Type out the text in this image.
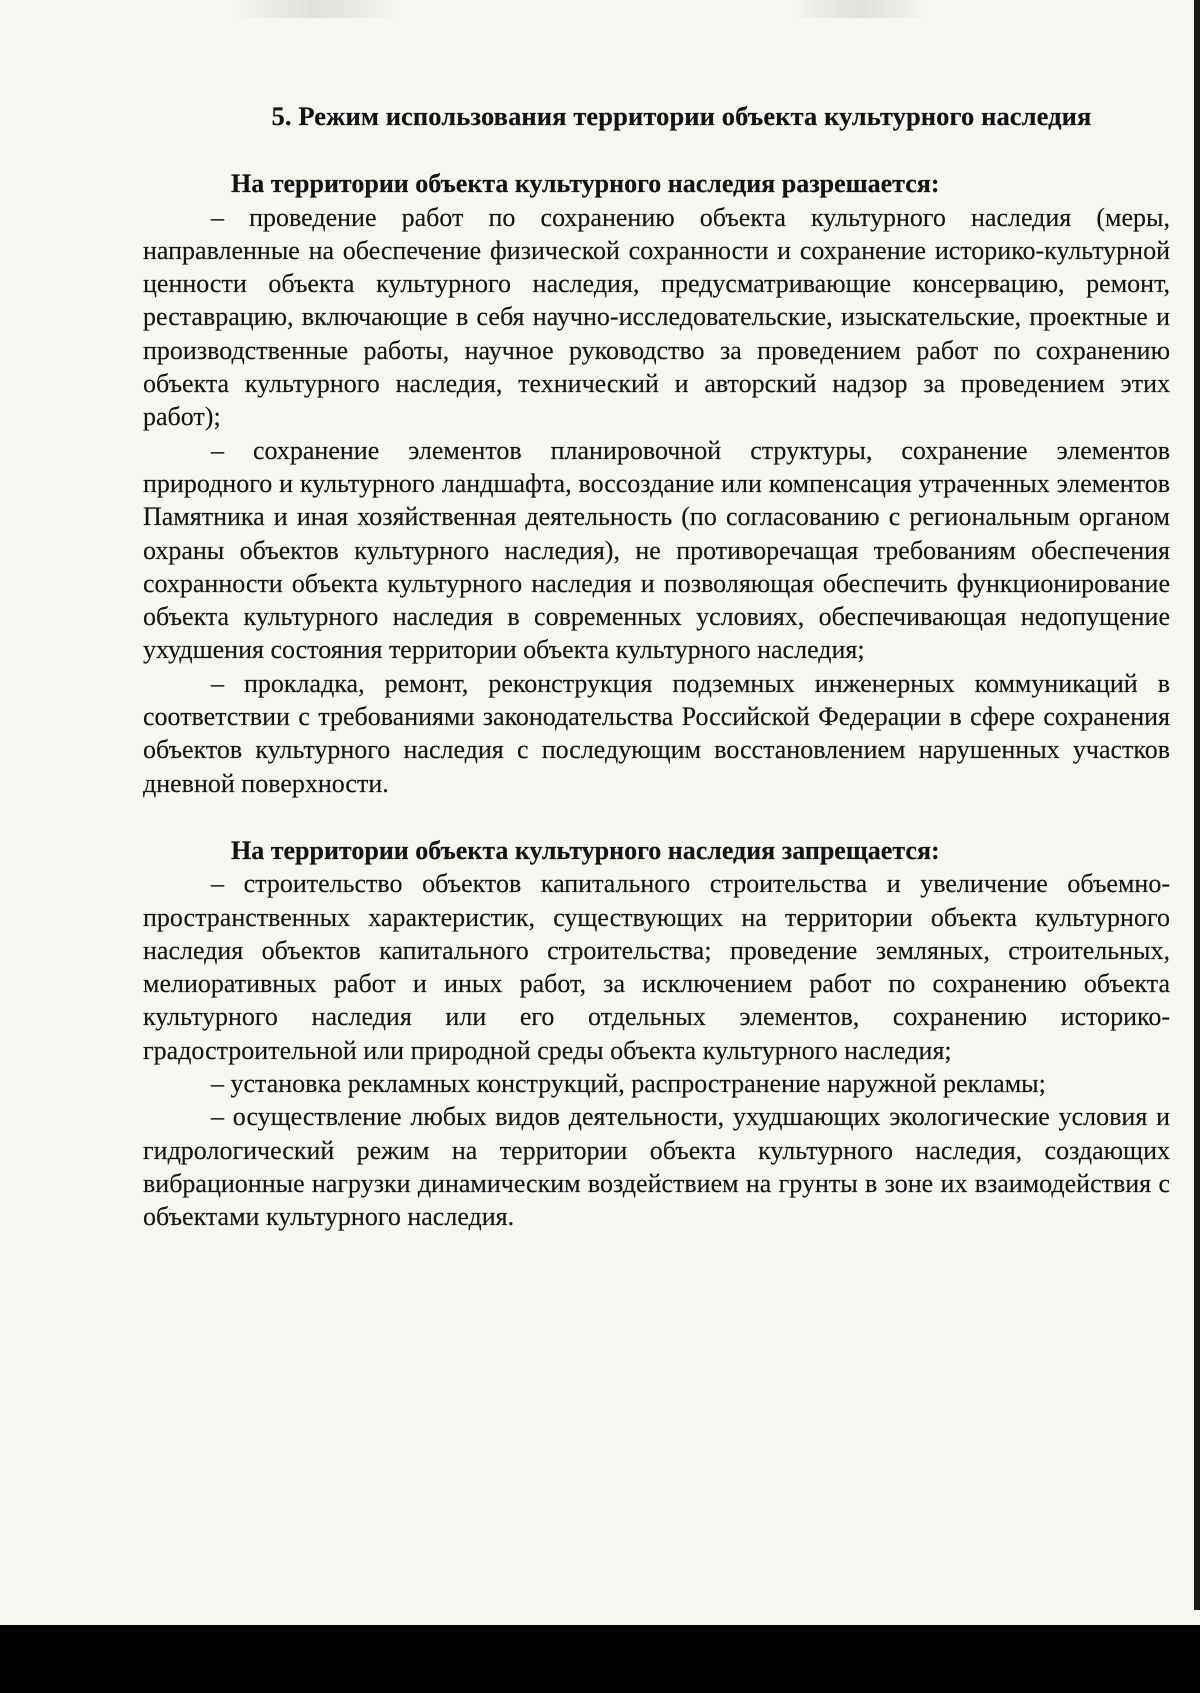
5. Режим использования территории объекта культурного наследия
На территории объекта культурного наследия разрешается:

– проведение работ по сохранению объекта культурного наследия (меры, направленные на обеспечение физической сохранности и сохранение историко-культурной ценности объекта культурного наследия, предусматривающие консервацию, ремонт, реставрацию, включающие в себя научно-исследовательские, изыскательские, проектные и производственные работы, научное руководство за проведением работ по сохранению объекта культурного наследия, технический и авторский надзор за проведением этих работ);

– сохранение элементов планировочной структуры, сохранение элементов природного и культурного ландшафта, воссоздание или компенсация утраченных элементов Памятника и иная хозяйственная деятельность (по согласованию с региональным органом охраны объектов культурного наследия), не противоречащая требованиям обеспечения сохранности объекта культурного наследия и позволяющая обеспечить функционирование объекта культурного наследия в современных условиях, обеспечивающая недопущение ухудшения состояния территории объекта культурного наследия;

– прокладка, ремонт, реконструкция подземных инженерных коммуникаций в соответствии с требованиями законодательства Российской Федерации в сфере сохранения объектов культурного наследия с последующим восстановлением нарушенных участков дневной поверхности.

На территории объекта культурного наследия запрещается:

– строительство объектов капитального строительства и увеличение объемно-пространственных характеристик, существующих на территории объекта культурного наследия объектов капитального строительства; проведение земляных, строительных, мелиоративных работ и иных работ, за исключением работ по сохранению объекта культурного наследия или его отдельных элементов, сохранению историко-градостроительной или природной среды объекта культурного наследия;

– установка рекламных конструкций, распространение наружной рекламы;

– осуществление любых видов деятельности, ухудшающих экологические условия и гидрологический режим на территории объекта культурного наследия, создающих вибрационные нагрузки динамическим воздействием на грунты в зоне их взаимодействия с объектами культурного наследия.
